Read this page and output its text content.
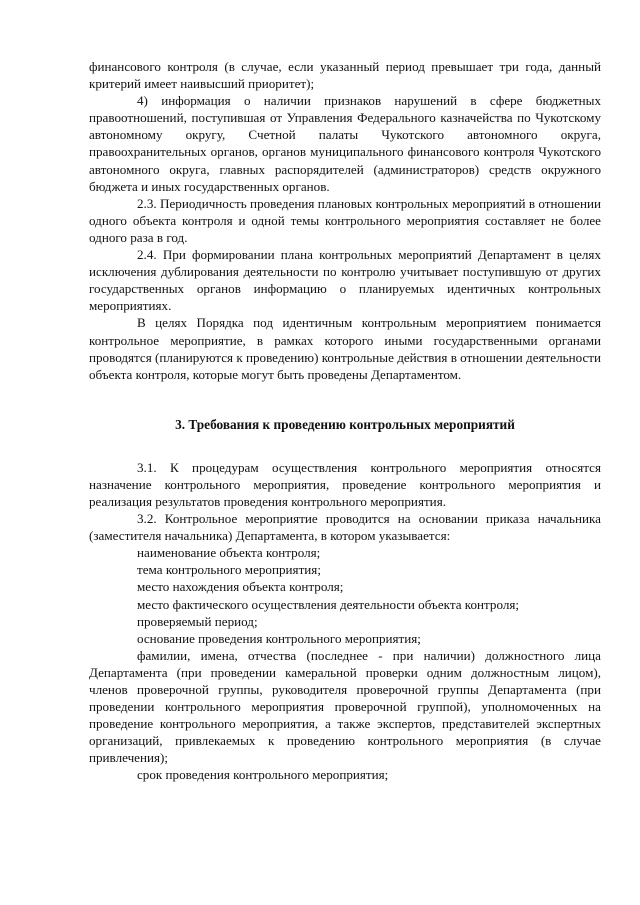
финансового контроля (в случае, если указанный период превышает три года, данный критерий имеет наивысший приоритет);

4) информация о наличии признаков нарушений в сфере бюджетных правоотношений, поступившая от Управления Федерального казначейства по Чукотскому автономному округу, Счетной палаты Чукотского автономного округа, правоохранительных органов, органов муниципального финансового контроля Чукотского автономного округа, главных распорядителей (администраторов) средств окружного бюджета и иных государственных органов.

2.3. Периодичность проведения плановых контрольных мероприятий в отношении одного объекта контроля и одной темы контрольного мероприятия составляет не более одного раза в год.

2.4. При формировании плана контрольных мероприятий Департамент в целях исключения дублирования деятельности по контролю учитывает поступившую от других государственных органов информацию о планируемых идентичных контрольных мероприятиях.

В целях Порядка под идентичным контрольным мероприятием понимается контрольное мероприятие, в рамках которого иными государственными органами проводятся (планируются к проведению) контрольные действия в отношении деятельности объекта контроля, которые могут быть проведены Департаментом.

3. Требования к проведению контрольных мероприятий

3.1. К процедурам осуществления контрольного мероприятия относятся назначение контрольного мероприятия, проведение контрольного мероприятия и реализация результатов проведения контрольного мероприятия.

3.2. Контрольное мероприятие проводится на основании приказа начальника (заместителя начальника) Департамента, в котором указывается:

наименование объекта контроля;

тема контрольного мероприятия;

место нахождения объекта контроля;

место фактического осуществления деятельности объекта контроля;

проверяемый период;

основание проведения контрольного мероприятия;

фамилии, имена, отчества (последнее - при наличии) должностного лица Департамента (при проведении камеральной проверки одним должностным лицом), членов проверочной группы, руководителя проверочной группы Департамента (при проведении контрольного мероприятия проверочной группой), уполномоченных на проведение контрольного мероприятия, а также экспертов, представителей экспертных организаций, привлекаемых к проведению контрольного мероприятия (в случае привлечения);

срок проведения контрольного мероприятия;
